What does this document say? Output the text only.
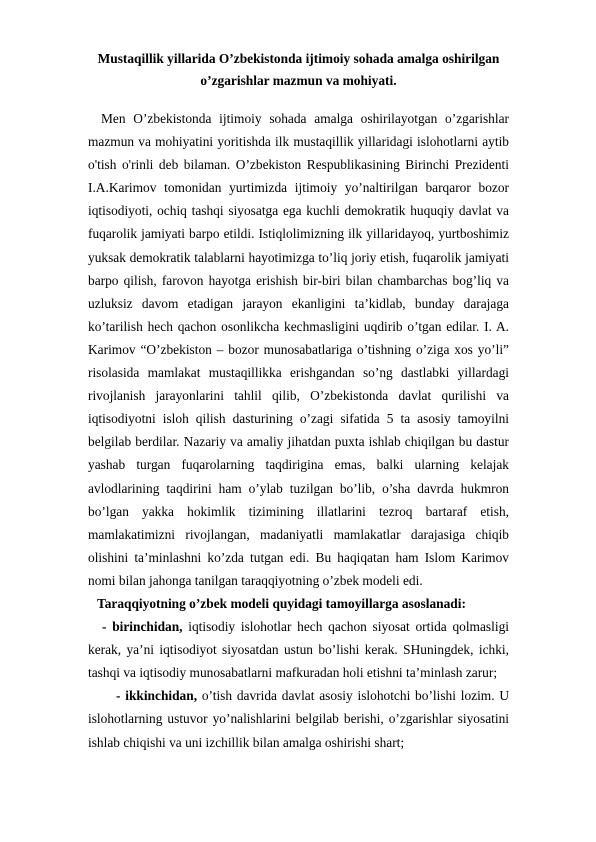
Mustaqillik yillarida O’zbekistonda ijtimoiy sohada amalga oshirilgan
o’zgarishlar mazmun va mohiyati.

Men O’zbekistonda ijtimoiy sohada amalga oshirilayotgan o’zgarishlar mazmun va mohiyatini yoritishda ilk mustaqillik yillaridagi islohotlarni aytib o'tish o'rinli deb bilaman. O’zbekiston Respublikasining Birinchi Prezidenti I.A.Karimov tomonidan yurtimizda ijtimoiy yo’naltirilgan barqaror bozor iqtisodiyoti, ochiq tashqi siyosatga ega kuchli demokratik huquqiy davlat va fuqarolik jamiyati barpo etildi. Istiqlolimizning ilk yillaridayoq, yurtboshimiz yuksak demokratik talablarni hayotimizga to’liq joriy etish, fuqarolik jamiyati barpo qilish, farovon hayotga erishish bir-biri bilan chambarchas bog’liq va uzluksiz davom etadigan jarayon ekanligini ta’kidlab, bunday darajaga ko’tarilish hech qachon osonlikcha kechmasligini uqdirib o’tgan edilar. I. A. Karimov “O’zbekiston – bozor munosabatlariga o’tishning o’ziga xos yo’li” risolasida mamlakat mustaqillikka erishgandan so’ng dastlabki yillardagi rivojlanish jarayonlarini tahlil qilib, O’zbekistonda davlat qurilishi va iqtisodiyotni isloh qilish dasturining o’zagi sifatida 5 ta asosiy tamoyilni belgilab berdilar. Nazariy va amaliy jihatdan puxta ishlab chiqilgan bu dastur yashab turgan fuqarolarning taqdirigina emas, balki ularning kelajak avlodlarining taqdirini ham o’ylab tuzilgan bo’lib, o’sha davrda hukmron bo’lgan yakka hokimlik tizimining illatlarini tezroq bartaraf etish, mamlakatimizni rivojlangan, madaniyatli mamlakatlar darajasiga chiqib olishini ta’minlashni ko’zda tutgan edi. Bu haqiqatan ham Islom Karimov nomi bilan jahonga tanilgan taraqqiyotning o’zbek modeli edi.

Taraqqiyotning o’zbek modeli quyidagi tamoyillarga asoslanadi:

- birinchidan, iqtisodiy islohotlar hech qachon siyosat ortida qolmasligi kerak, ya’ni iqtisodiyot siyosatdan ustun bo’lishi kerak. SHuningdek, ichki, tashqi va iqtisodiy munosabatlarni mafkuradan holi etishni ta’minlash zarur;

- ikkinchidan, o’tish davrida davlat asosiy islohotchi bo’lishi lozim. U islohotlarning ustuvor yo’nalishlarini belgilab berishi, o’zgarishlar siyosatini ishlab chiqishi va uni izchillik bilan amalga oshirishi shart;
